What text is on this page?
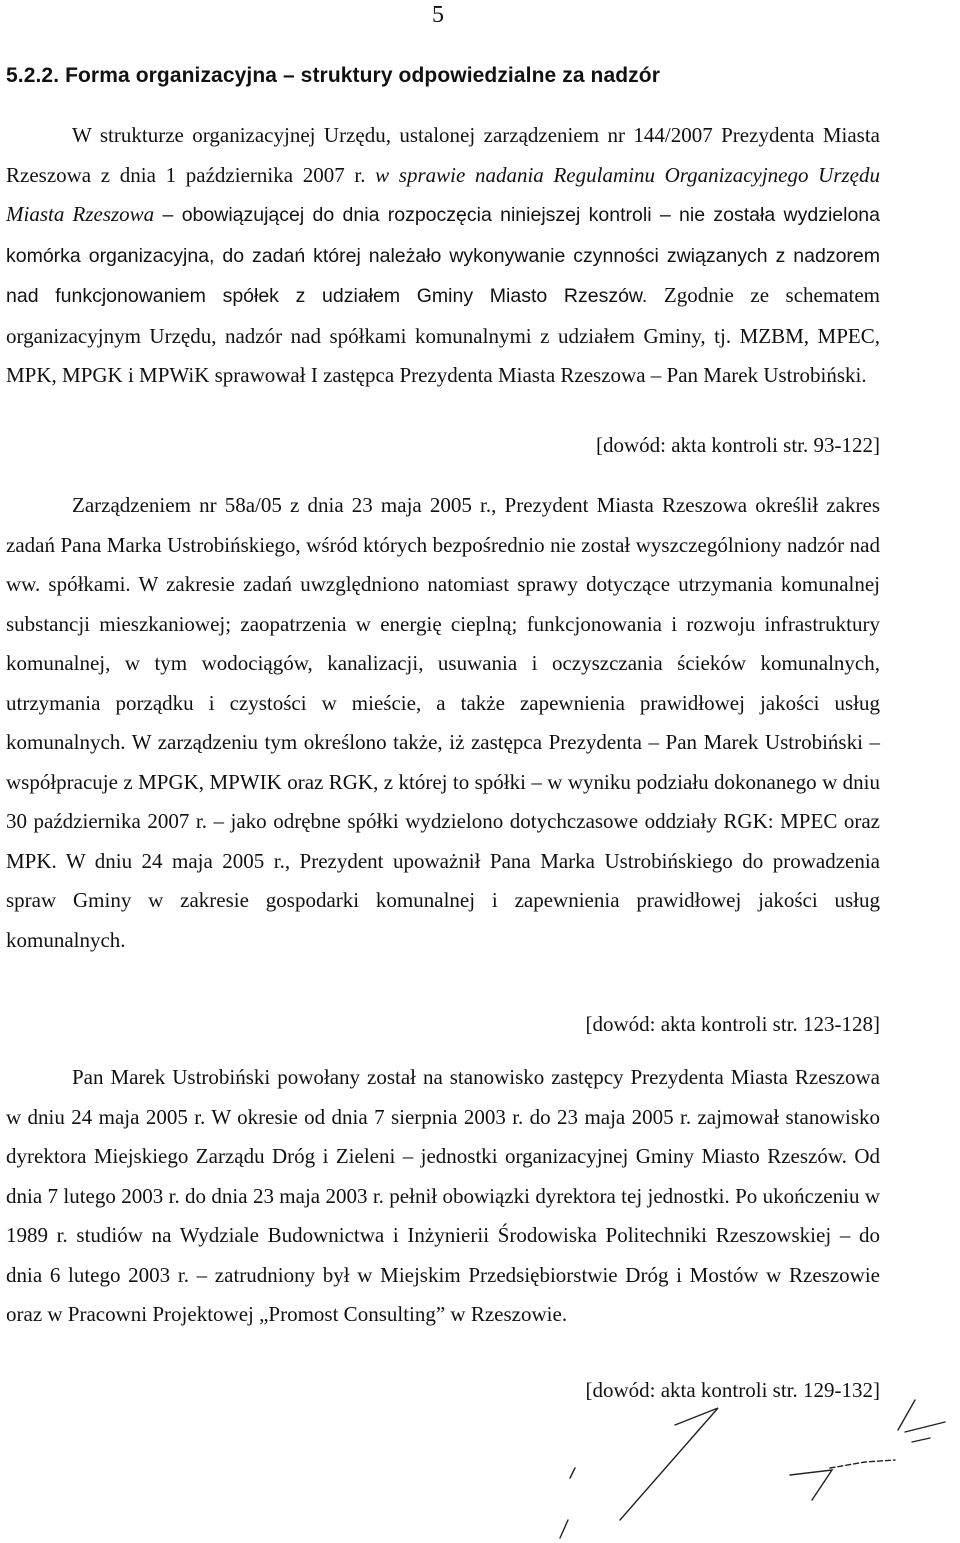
5
5.2.2. Forma organizacyjna – struktury odpowiedzialne za nadzór
W strukturze organizacyjnej Urzędu, ustalonej zarządzeniem nr 144/2007 Prezydenta Miasta Rzeszowa z dnia 1 października 2007 r. w sprawie nadania Regulaminu Organizacyjnego Urzędu Miasta Rzeszowa – obowiązującej do dnia rozpoczęcia niniejszej kontroli – nie została wydzielona komórka organizacyjna, do zadań której należało wykonywanie czynności związanych z nadzorem nad funkcjonowaniem spółek z udziałem Gminy Miasto Rzeszów. Zgodnie ze schematem organizacyjnym Urzędu, nadzór nad spółkami komunalnymi z udziałem Gminy, tj. MZBM, MPEC, MPK, MPGK i MPWiK sprawował I zastępca Prezydenta Miasta Rzeszowa – Pan Marek Ustrobiński.
[dowód: akta kontroli str. 93-122]
Zarządzeniem nr 58a/05 z dnia 23 maja 2005 r., Prezydent Miasta Rzeszowa określił zakres zadań Pana Marka Ustrobińskiego, wśród których bezpośrednio nie został wyszczególniony nadzór nad ww. spółkami. W zakresie zadań uwzględniono natomiast sprawy dotyczące utrzymania komunalnej substancji mieszkaniowej; zaopatrzenia w energię cieplną; funkcjonowania i rozwoju infrastruktury komunalnej, w tym wodociągów, kanalizacji, usuwania i oczyszczania ścieków komunalnych, utrzymania porządku i czystości w mieście, a także zapewnienia prawidłowej jakości usług komunalnych. W zarządzeniu tym określono także, iż zastępca Prezydenta – Pan Marek Ustrobiński – współpracuje z MPGK, MPWIK oraz RGK, z której to spółki – w wyniku podziału dokonanego w dniu 30 października 2007 r. – jako odrębne spółki wydzielono dotychczasowe oddziały RGK: MPEC oraz MPK. W dniu 24 maja 2005 r., Prezydent upoważnił Pana Marka Ustrobińskiego do prowadzenia spraw Gminy w zakresie gospodarki komunalnej i zapewnienia prawidłowej jakości usług komunalnych.
[dowód: akta kontroli str. 123-128]
Pan Marek Ustrobiński powołany został na stanowisko zastępcy Prezydenta Miasta Rzeszowa w dniu 24 maja 2005 r. W okresie od dnia 7 sierpnia 2003 r. do 23 maja 2005 r. zajmował stanowisko dyrektora Miejskiego Zarządu Dróg i Zieleni – jednostki organizacyjnej Gminy Miasto Rzeszów. Od dnia 7 lutego 2003 r. do dnia 23 maja 2003 r. pełnił obowiązki dyrektora tej jednostki. Po ukończeniu w 1989 r. studiów na Wydziale Budownictwa i Inżynierii Środowiska Politechniki Rzeszowskiej – do dnia 6 lutego 2003 r. – zatrudniony był w Miejskim Przedsiębiorstwie Dróg i Mostów w Rzeszowie oraz w Pracowni Projektowej „Promost Consulting” w Rzeszowie.
[dowód: akta kontroli str. 129-132]
